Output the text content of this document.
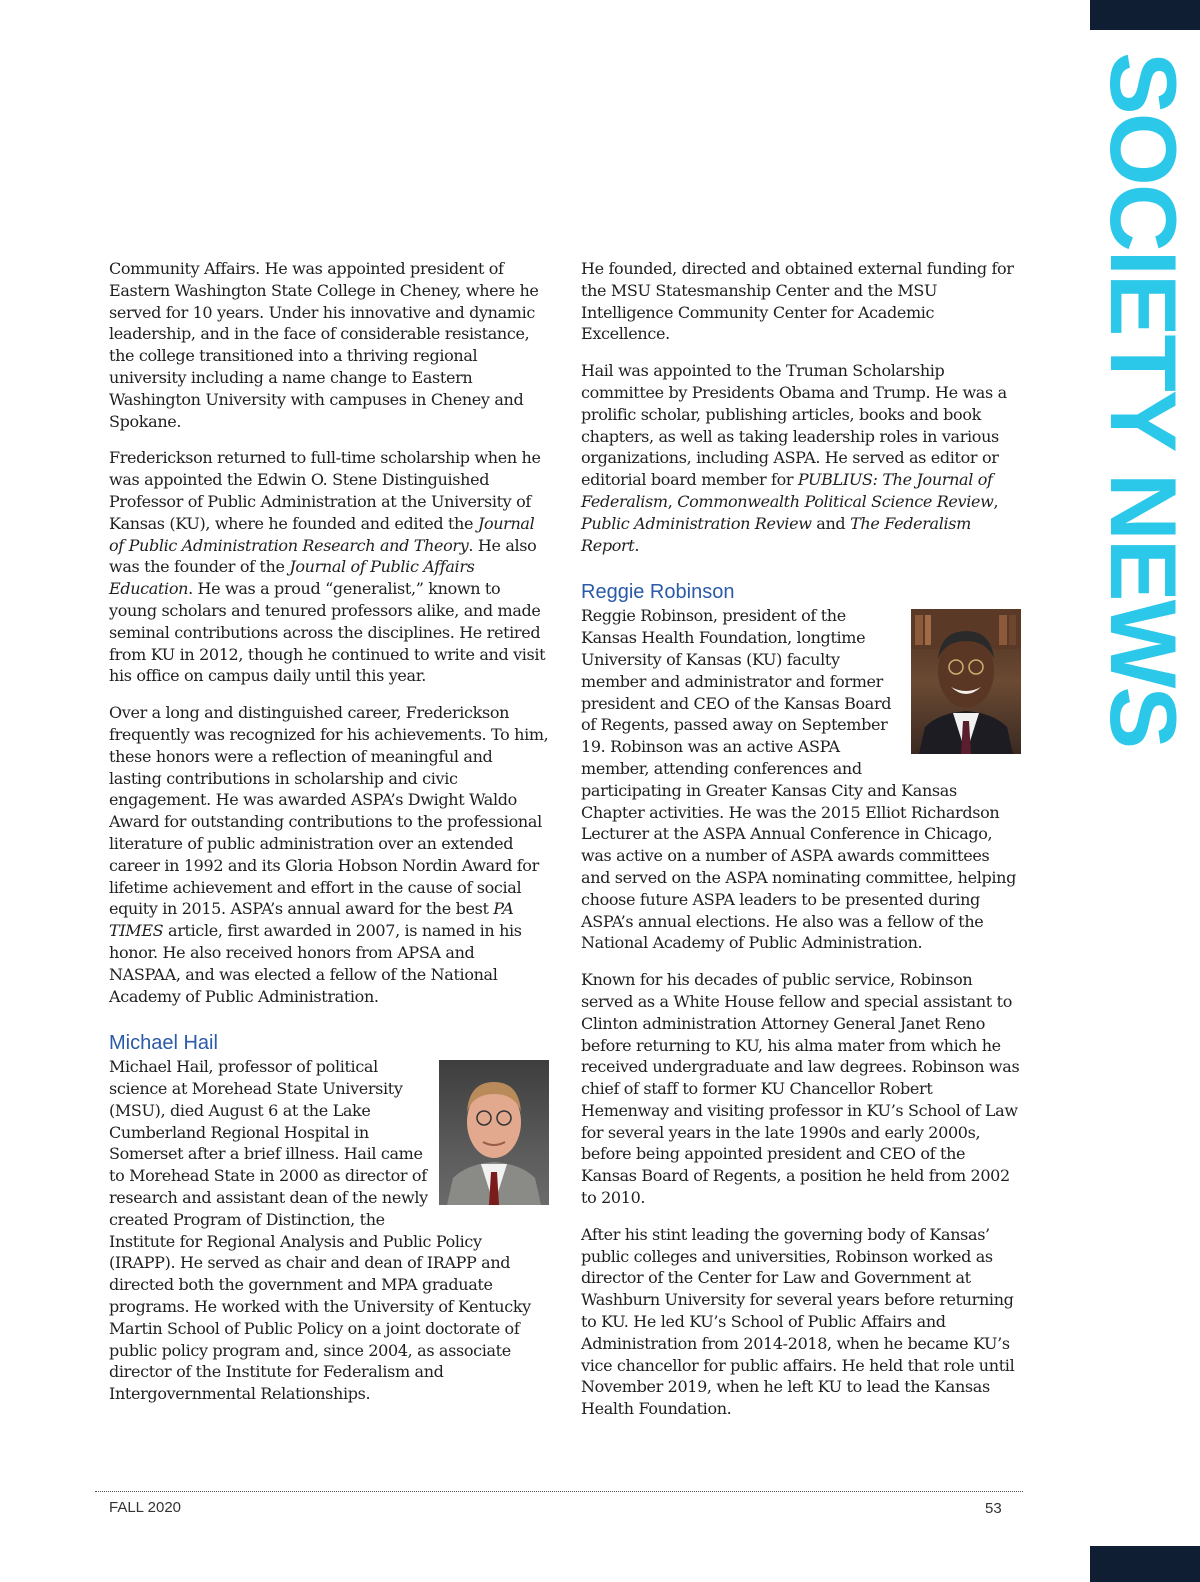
SOCIETY NEWS

Community Affairs. He was appointed president of Eastern Washington State College in Cheney, where he served for 10 years. Under his innovative and dynamic leadership, and in the face of considerable resistance, the college transitioned into a thriving regional university including a name change to Eastern Washington University with campuses in Cheney and Spokane.

Frederickson returned to full-time scholarship when he was appointed the Edwin O. Stene Distinguished Professor of Public Administration at the University of Kansas (KU), where he founded and edited the Journal of Public Administration Research and Theory. He also was the founder of the Journal of Public Affairs Education. He was a proud “generalist,” known to young scholars and tenured professors alike, and made seminal contributions across the disciplines. He retired from KU in 2012, though he continued to write and visit his office on campus daily until this year.

Over a long and distinguished career, Frederickson frequently was recognized for his achievements. To him, these honors were a reflection of meaningful and lasting contributions in scholarship and civic engagement. He was awarded ASPA’s Dwight Waldo Award for outstanding contributions to the professional literature of public administration over an extended career in 1992 and its Gloria Hobson Nordin Award for lifetime achievement and effort in the cause of social equity in 2015. ASPA’s annual award for the best PA TIMES article, first awarded in 2007, is named in his honor. He also received honors from APSA and NASPAA, and was elected a fellow of the National Academy of Public Administration.

Michael Hail

Michael Hail, professor of political science at Morehead State University (MSU), died August 6 at the Lake Cumberland Regional Hospital in Somerset after a brief illness. Hail came to Morehead State in 2000 as director of research and assistant dean of the newly created Program of Distinction, the Institute for Regional Analysis and Public Policy (IRAPP). He served as chair and dean of IRAPP and directed both the government and MPA graduate programs. He worked with the University of Kentucky Martin School of Public Policy on a joint doctorate of public policy program and, since 2004, as associate director of the Institute for Federalism and Intergovernmental Relationships.

He founded, directed and obtained external funding for the MSU Statesmanship Center and the MSU Intelligence Community Center for Academic Excellence.

Hail was appointed to the Truman Scholarship committee by Presidents Obama and Trump. He was a prolific scholar, publishing articles, books and book chapters, as well as taking leadership roles in various organizations, including ASPA. He served as editor or editorial board member for PUBLIUS: The Journal of Federalism, Commonwealth Political Science Review, Public Administration Review and The Federalism Report.

Reggie Robinson

Reggie Robinson, president of the Kansas Health Foundation, longtime University of Kansas (KU) faculty member and administrator and former president and CEO of the Kansas Board of Regents, passed away on September 19. Robinson was an active ASPA member, attending conferences and participating in Greater Kansas City and Kansas Chapter activities. He was the 2015 Elliot Richardson Lecturer at the ASPA Annual Conference in Chicago, was active on a number of ASPA awards committees and served on the ASPA nominating committee, helping choose future ASPA leaders to be presented during ASPA’s annual elections. He also was a fellow of the National Academy of Public Administration.

Known for his decades of public service, Robinson served as a White House fellow and special assistant to Clinton administration Attorney General Janet Reno before returning to KU, his alma mater from which he received undergraduate and law degrees. Robinson was chief of staff to former KU Chancellor Robert Hemenway and visiting professor in KU’s School of Law for several years in the late 1990s and early 2000s, before being appointed president and CEO of the Kansas Board of Regents, a position he held from 2002 to 2010.

After his stint leading the governing body of Kansas’ public colleges and universities, Robinson worked as director of the Center for Law and Government at Washburn University for several years before returning to KU. He led KU’s School of Public Affairs and Administration from 2014-2018, when he became KU’s vice chancellor for public affairs. He held that role until November 2019, when he left KU to lead the Kansas Health Foundation.

FALL 2020	53
